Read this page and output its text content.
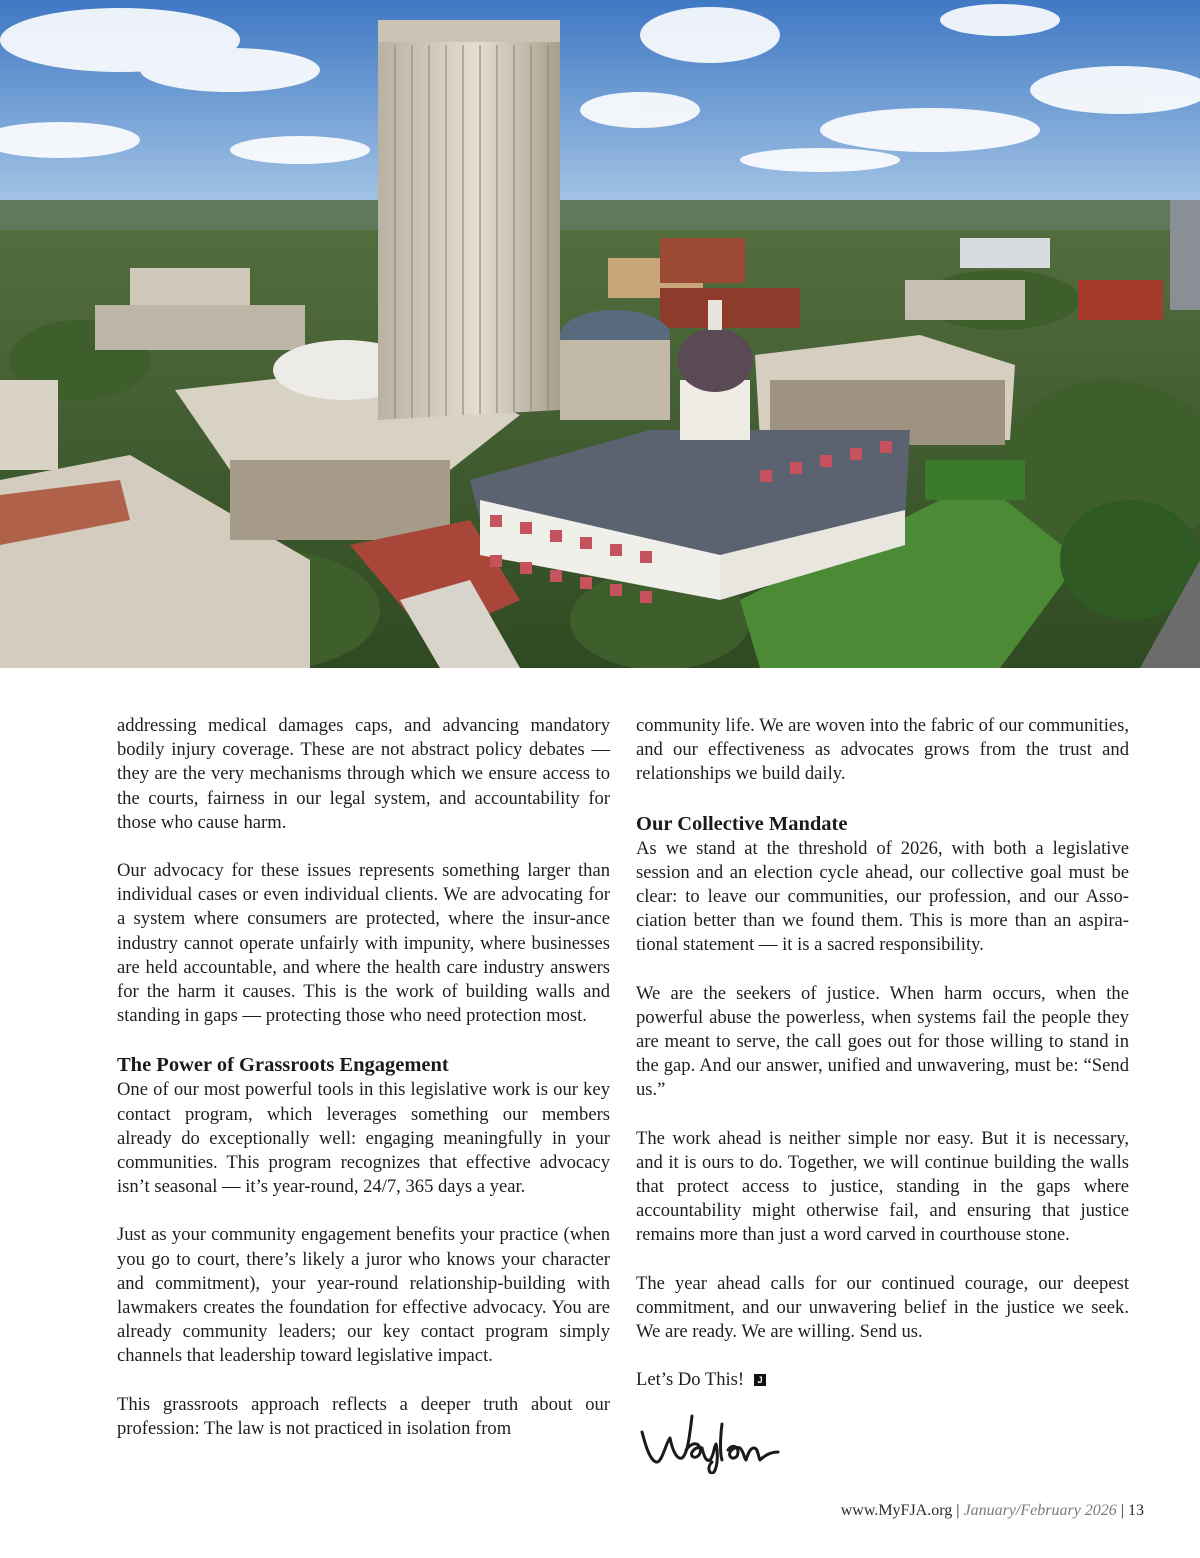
addressing medical damages caps, and advancing mandatory bodily injury coverage. These are not abstract policy debates — they are the very mechanisms through which we ensure access to the courts, fairness in our legal system, and accountability for those who cause harm.

Our advocacy for these issues represents something larger than individual cases or even individual clients. We are advocating for a system where consumers are protected, where the insur-ance industry cannot operate unfairly with impunity, where businesses are held accountable, and where the health care industry answers for the harm it causes. This is the work of building walls and standing in gaps — protecting those who need protection most.

The Power of Grassroots Engagement

One of our most powerful tools in this legislative work is our key contact program, which leverages something our members already do exceptionally well: engaging meaningfully in your communities. This program recognizes that effective advocacy isn’t seasonal — it’s year-round, 24/7, 365 days a year.

Just as your community engagement benefits your practice (when you go to court, there’s likely a juror who knows your character and commitment), your year-round relationship-building with lawmakers creates the foundation for effective advocacy. You are already community leaders; our key contact program simply channels that leadership toward legislative impact.

This grassroots approach reflects a deeper truth about our profession: The law is not practiced in isolation from

community life. We are woven into the fabric of our communities, and our effectiveness as advocates grows from the trust and relationships we build daily.

Our Collective Mandate

As we stand at the threshold of 2026, with both a legislative session and an election cycle ahead, our collective goal must be clear: to leave our communities, our profession, and our Asso-ciation better than we found them. This is more than an aspira-tional statement — it is a sacred responsibility.

We are the seekers of justice. When harm occurs, when the powerful abuse the powerless, when systems fail the people they are meant to serve, the call goes out for those willing to stand in the gap. And our answer, unified and unwavering, must be: “Send us.”

The work ahead is neither simple nor easy. But it is necessary, and it is ours to do. Together, we will continue building the walls that protect access to justice, standing in the gaps where accountability might otherwise fail, and ensuring that justice remains more than just a word carved in courthouse stone.

The year ahead calls for our continued courage, our deepest commitment, and our unwavering belief in the justice we seek. We are ready. We are willing. Send us.

Let’s Do This!	J
www.MyFJA.org | January/February 2026 | 13
